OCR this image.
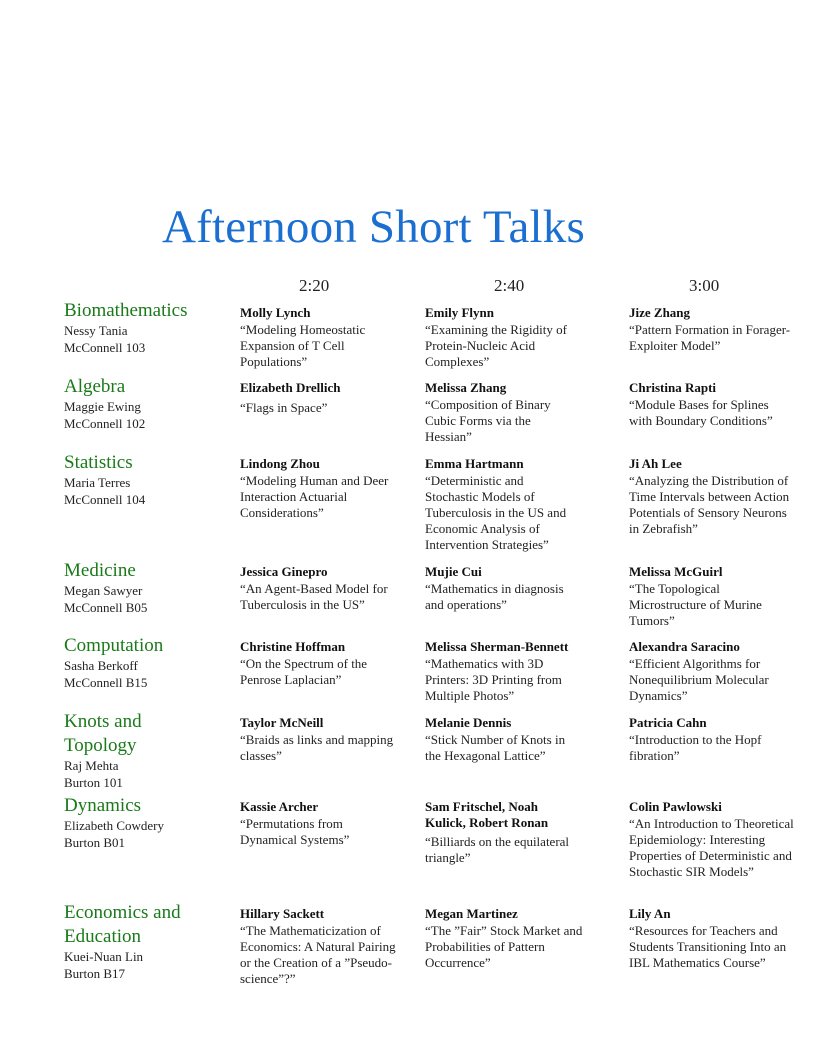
Afternoon Short Talks
2:20	2:40	3:00
Biomathematics
Nessy Tania
McConnell 103
Molly Lynch
“Modeling Homeostatic Expansion of T Cell Populations”
Emily Flynn
“Examining the Rigidity of Protein-Nucleic Acid Complexes”
Jize Zhang
“Pattern Formation in Forager-Exploiter Model”
Algebra
Maggie Ewing
McConnell 102
Elizabeth Drellich
“Flags in Space”
Melissa Zhang
“Composition of Binary Cubic Forms via the Hessian”
Christina Rapti
“Module Bases for Splines with Boundary Conditions”
Statistics
Maria Terres
McConnell 104
Lindong Zhou
“Modeling Human and Deer Interaction Actuarial Considerations”
Emma Hartmann
“Deterministic and Stochastic Models of Tuberculosis in the US and Economic Analysis of Intervention Strategies”
Ji Ah Lee
“Analyzing the Distribution of Time Intervals between Action Potentials of Sensory Neurons in Zebrafish”
Medicine
Megan Sawyer
McConnell B05
Jessica Ginepro
“An Agent-Based Model for Tuberculosis in the US”
Mujie Cui
“Mathematics in diagnosis and operations”
Melissa McGuirl
“The Topological Microstructure of Murine Tumors”
Computation
Sasha Berkoff
McConnell B15
Christine Hoffman
“On the Spectrum of the Penrose Laplacian”
Melissa Sherman-Bennett
“Mathematics with 3D Printers: 3D Printing from Multiple Photos”
Alexandra Saracino
“Efficient Algorithms for Nonequilibrium Molecular Dynamics”
Knots and Topology
Raj Mehta
Burton 101
Taylor McNeill
“Braids as links and mapping classes”
Melanie Dennis
“Stick Number of Knots in the Hexagonal Lattice”
Patricia Cahn
“Introduction to the Hopf fibration”
Dynamics
Elizabeth Cowdery
Burton B01
Kassie Archer
“Permutations from Dynamical Systems”
Sam Fritschel, Noah Kulick, Robert Ronan
“Billiards on the equilateral triangle”
Colin Pawlowski
“An Introduction to Theoretical Epidemiology: Interesting Properties of Deterministic and Stochastic SIR Models”
Economics and Education
Kuei-Nuan Lin
Burton B17
Hillary Sackett
“The Mathematicization of Economics: A Natural Pairing or the Creation of a ”Pseudo-science”?”
Megan Martinez
“The ”Fair” Stock Market and Probabilities of Pattern Occurrence”
Lily An
“Resources for Teachers and Students Transitioning Into an IBL Mathematics Course”
